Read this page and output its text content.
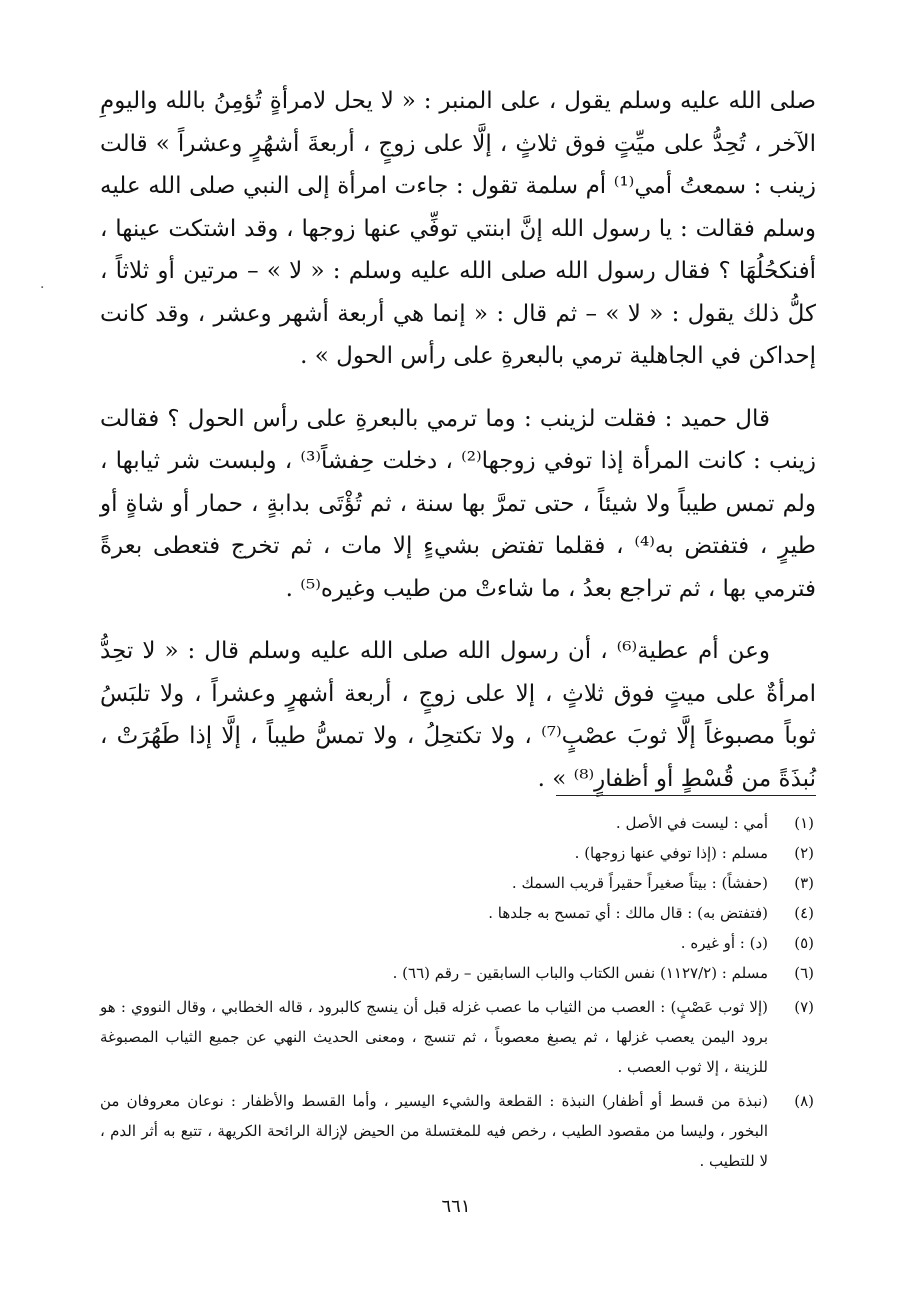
·

صلى الله عليه وسلم يقول ، على المنبر : « لا يحل لامرأةٍ تُؤمِنُ بالله واليومِ الآخر ، تُحِدُّ على ميِّتٍ فوق ثلاثٍ ، إلَّا على زوجٍ ، أربعةَ أشهُرٍ وعشراً » قالت زينب : سمعتُ أمي⁽¹⁾ أم سلمة تقول : جاءت امرأة إلى النبي صلى الله عليه وسلم فقالت : يا رسول الله إنَّ ابنتي توفِّي عنها زوجها ، وقد اشتكت عينها ، أفنكحُلُهَا ؟ فقال رسول الله صلى الله عليه وسلم : « لا » – مرتين أو ثلاثاً ، كلُّ ذلك يقول : « لا » – ثم قال : « إنما هي أربعة أشهر وعشر ، وقد كانت إحداكن في الجاهلية ترمي بالبعرةِ على رأس الحول » .

قال حميد : فقلت لزينب : وما ترمي بالبعرةِ على رأس الحول ؟ فقالت زينب : كانت المرأة إذا توفي زوجها⁽²⁾ ، دخلت حِفشاً⁽³⁾ ، ولبست شر ثيابها ، ولم تمس طيباً ولا شيئاً ، حتى تمرَّ بها سنة ، ثم تُؤْتَى بدابةٍ ، حمار أو شاةٍ أو طيرٍ ، فتفتض به⁽⁴⁾ ، فقلما تفتض بشيءٍ إلا مات ، ثم تخرج فتعطى بعرةً فترمي بها ، ثم تراجع بعدُ ، ما شاءتْ من طيب وغيره⁽⁵⁾ .

وعن أم عطية⁽⁶⁾ ، أن رسول الله صلى الله عليه وسلم قال : « لا تحِدُّ امرأةٌ على ميتٍ فوق ثلاثٍ ، إلا على زوجٍ ، أربعة أشهرٍ وعشراً ، ولا تلبَسُ ثوباً مصبوغاً إلَّا ثوبَ عصْبٍ⁽⁷⁾ ، ولا تكتحِلُ ، ولا تمسُّ طيباً ، إلَّا إذا طَهُرَتْ ، نُبذَةً من قُسْطٍ أو أظفارٍ⁽⁸⁾ » .

(١)
أمي : ليست في الأصل .
(٢)
مسلم : (إذا توفي عنها زوجها) .
(٣)
(حفشاً) : بيتاً صغيراً حقيراً قريب السمك .
(٤)
(فتفتض به) : قال مالك : أي تمسح به جلدها .
(٥)
(د) : أو غيره .
(٦)
مسلم : (١١٢٧/٢) نفس الكتاب والباب السابقين – رقم (٦٦) .
(٧)
(إلا ثوب عَصْبٍ) : العصب من الثياب ما عصب غزله قبل أن ينسج كالبرود ، قاله الخطابي ، وقال النووي : هو برود اليمن يعصب غزلها ، ثم يصبغ معصوباً ، ثم تنسج ، ومعنى الحديث النهي عن جميع الثياب المصبوغة للزينة ، إلا ثوب العصب .
(٨)
(نبذة من قسط أو أظفار) النبذة : القطعة والشيء اليسير ، وأما القسط والأظفار : نوعان معروفان من البخور ، وليسا من مقصود الطيب ، رخص فيه للمغتسلة من الحيض لإزالة الرائحة الكريهة ، تتبع به أثر الدم ، لا للتطيب .
٦٦١
